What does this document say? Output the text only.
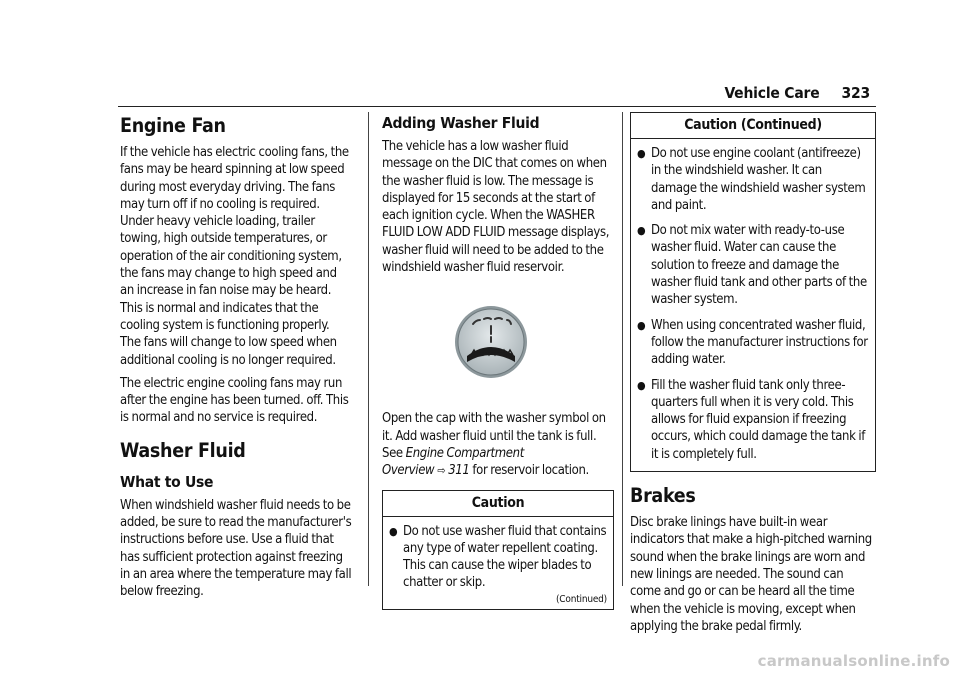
Vehicle Care 323
Engine Fan

If the vehicle has electric cooling fans, the fans may be heard spinning at low speed during most everyday driving. The fans may turn off if no cooling is required. Under heavy vehicle loading, trailer towing, high outside temperatures, or operation of the air conditioning system, the fans may change to high speed and an increase in fan noise may be heard. This is normal and indicates that the cooling system is functioning properly. The fans will change to low speed when additional cooling is no longer required.

The electric engine cooling fans may run after the engine has been turned. off. This is normal and no service is required.

Washer Fluid
What to Use

When windshield washer fluid needs to be added, be sure to read the manufacturer's instructions before use. Use a fluid that has sufficient protection against freezing in an area where the temperature may fall below freezing.

Adding Washer Fluid

The vehicle has a low washer fluid message on the DIC that comes on when the washer fluid is low. The message is displayed for 15 seconds at the start of each ignition cycle. When the WASHER FLUID LOW ADD FLUID message displays, washer fluid will need to be added to the windshield washer fluid reservoir.

Open the cap with the washer symbol on it. Add washer fluid until the tank is full. See Engine Compartment Overview ⇨ 311 for reservoir location.

Caution
● Do not use washer fluid that contains any type of water repellent coating. This can cause the wiper blades to chatter or skip.
(Continued)
Caution (Continued)
● Do not use engine coolant (antifreeze) in the windshield washer. It can damage the windshield washer system and paint.
● Do not mix water with ready-to-use washer fluid. Water can cause the solution to freeze and damage the washer fluid tank and other parts of the washer system.
● When using concentrated washer fluid, follow the manufacturer instructions for adding water.
● Fill the washer fluid tank only three-quarters full when it is very cold. This allows for fluid expansion if freezing occurs, which could damage the tank if it is completely full.
Brakes

Disc brake linings have built-in wear indicators that make a high-pitched warning sound when the brake linings are worn and new linings are needed. The sound can come and go or can be heard all the time when the vehicle is moving, except when applying the brake pedal firmly.

carmanualsonline.info
